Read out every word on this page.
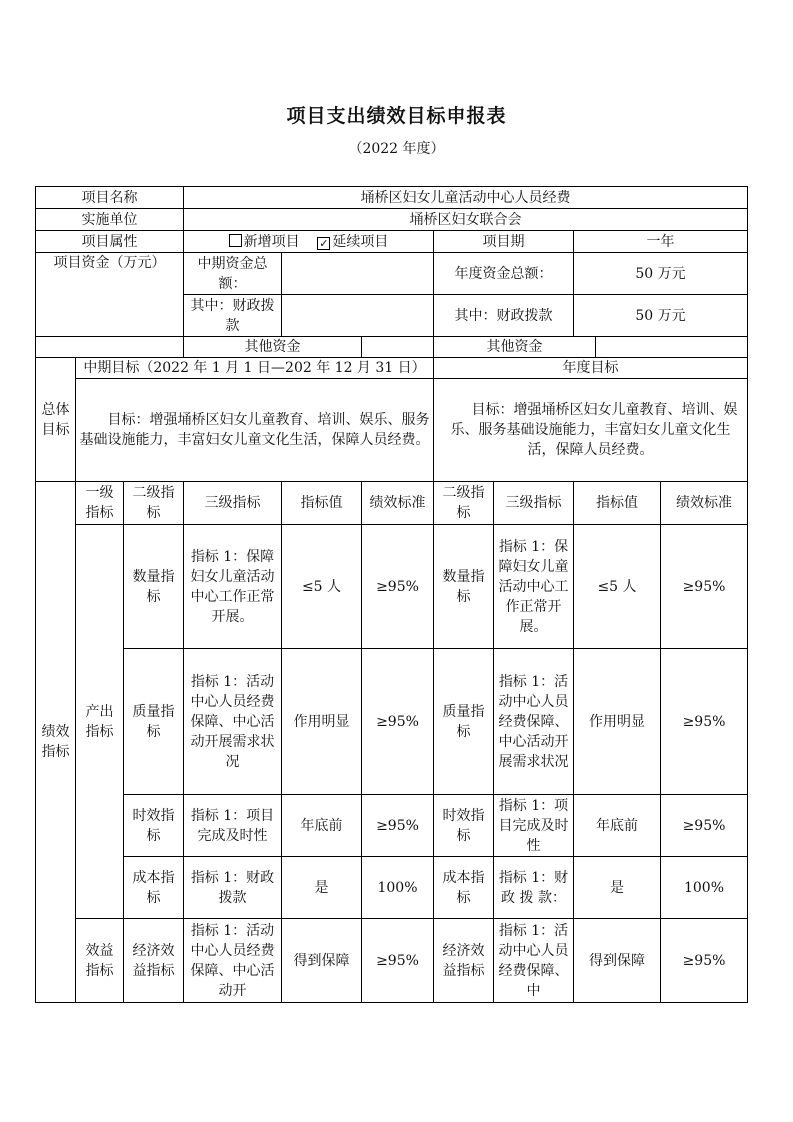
项目支出绩效目标申报表
（2022 年度）
项目名称			埇桥区妇女儿童活动中心人员经费							
实施单位			埇桥区妇女联合会							
项目属性			新增项目 ✓ 延续项目			项目期		一年		
项目资金（万元）			中期资金总额：			年度资金总额：		50 万元		
			其中：财政拨款			其中：财政拨款		50 万元		
			其他资金			其他资金				
总体目标	中期目标（2022 年 1 月 1 日—202 年 12 月 31 日）					年度目标				
	目标：增强埇桥区妇女儿童教育、培训、娱乐、服务基础设施能力，丰富妇女儿童文化生活，保障人员经费。					目标：增强埇桥区妇女儿童教育、培训、娱乐、服务基础设施能力，丰富妇女儿童文化生活，保障人员经费。				
绩效指标	一级指标	二级指标	三级指标	指标值	绩效标准	二级指标	三级指标	指标值		绩效标准
	产出指标	数量指标	指标 1：保障妇女儿童活动中心工作正常开展。	≤5 人	≥95%	数量指标	指标 1：保障妇女儿童活动中心工作正常开展。	≤5 人		≥95%
		质量指标	指标 1：活动中心人员经费保障、中心活动开展需求状况	作用明显	≥95%	质量指标	指标 1：活动中心人员经费保障、中心活动开展需求状况	作用明显		≥95%
		时效指标	指标 1：项目完成及时性	年底前	≥95%	时效指标	指标 1：项目完成及时性	年底前		≥95%
		成本指标	指标 1：财政拨款	是	100%	成本指标	指标 1：财 政 拨 款：	是		100%
	效益指标	经济效益指标	指标 1：活动中心人员经费保障、中心活动开	得到保障	≥95%	经济效益指标	指标 1：活动中心人员经费保障、中	得到保障		≥95%
